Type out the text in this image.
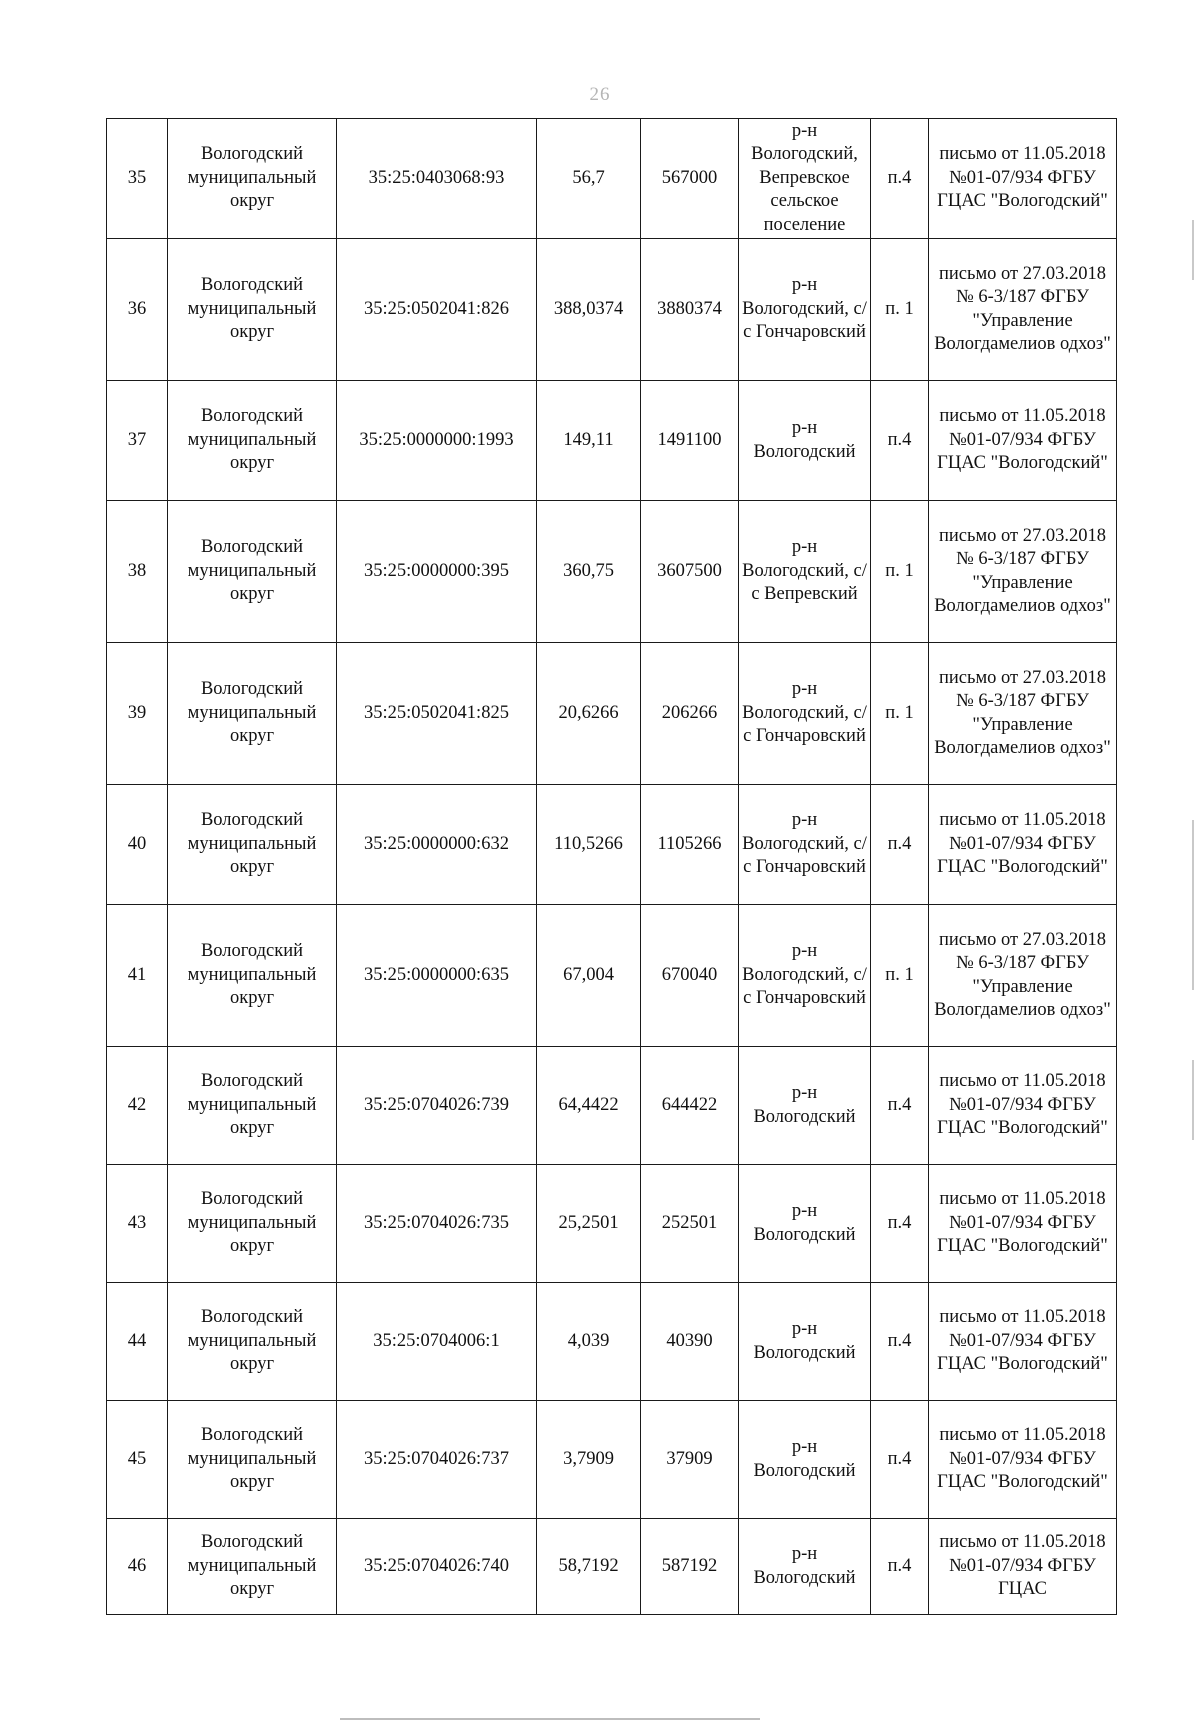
26
35	Вологодский муниципальный округ	35:25:0403068:93	56,7	567000	р-н Вологодский, Вепревское сельское поселение	п.4	письмо от 11.05.2018 №01-07/934 ФГБУ ГЦАС "Вологодский"
36	Вологодский муниципальный округ	35:25:0502041:826	388,0374	3880374	р-н Вологодский, с/с Гончаровский	п. 1	письмо от 27.03.2018 № 6-3/187 ФГБУ "Управление Вологдамелиов одхоз"
37	Вологодский муниципальный округ	35:25:0000000:1993	149,11	1491100	р-н Вологодский	п.4	письмо от 11.05.2018 №01-07/934 ФГБУ ГЦАС "Вологодский"
38	Вологодский муниципальный округ	35:25:0000000:395	360,75	3607500	р-н Вологодский, с/с Вепревский	п. 1	письмо от 27.03.2018 № 6-3/187 ФГБУ "Управление Вологдамелиов одхоз"
39	Вологодский муниципальный округ	35:25:0502041:825	20,6266	206266	р-н Вологодский, с/с Гончаровский	п. 1	письмо от 27.03.2018 № 6-3/187 ФГБУ "Управление Вологдамелиов одхоз"
40	Вологодский муниципальный округ	35:25:0000000:632	110,5266	1105266	р-н Вологодский, с/с Гончаровский	п.4	письмо от 11.05.2018 №01-07/934 ФГБУ ГЦАС "Вологодский"
41	Вологодский муниципальный округ	35:25:0000000:635	67,004	670040	р-н Вологодский, с/с Гончаровский	п. 1	письмо от 27.03.2018 № 6-3/187 ФГБУ "Управление Вологдамелиов одхоз"
42	Вологодский муниципальный округ	35:25:0704026:739	64,4422	644422	р-н Вологодский	п.4	письмо от 11.05.2018 №01-07/934 ФГБУ ГЦАС "Вологодский"
43	Вологодский муниципальный округ	35:25:0704026:735	25,2501	252501	р-н Вологодский	п.4	письмо от 11.05.2018 №01-07/934 ФГБУ ГЦАС "Вологодский"
44	Вологодский муниципальный округ	35:25:0704006:1	4,039	40390	р-н Вологодский	п.4	письмо от 11.05.2018 №01-07/934 ФГБУ ГЦАС "Вологодский"
45	Вологодский муниципальный округ	35:25:0704026:737	3,7909	37909	р-н Вологодский	п.4	письмо от 11.05.2018 №01-07/934 ФГБУ ГЦАС "Вологодский"
46	Вологодский муниципальный округ	35:25:0704026:740	58,7192	587192	р-н Вологодский	п.4	письмо от 11.05.2018 №01-07/934 ФГБУ ГЦАС
